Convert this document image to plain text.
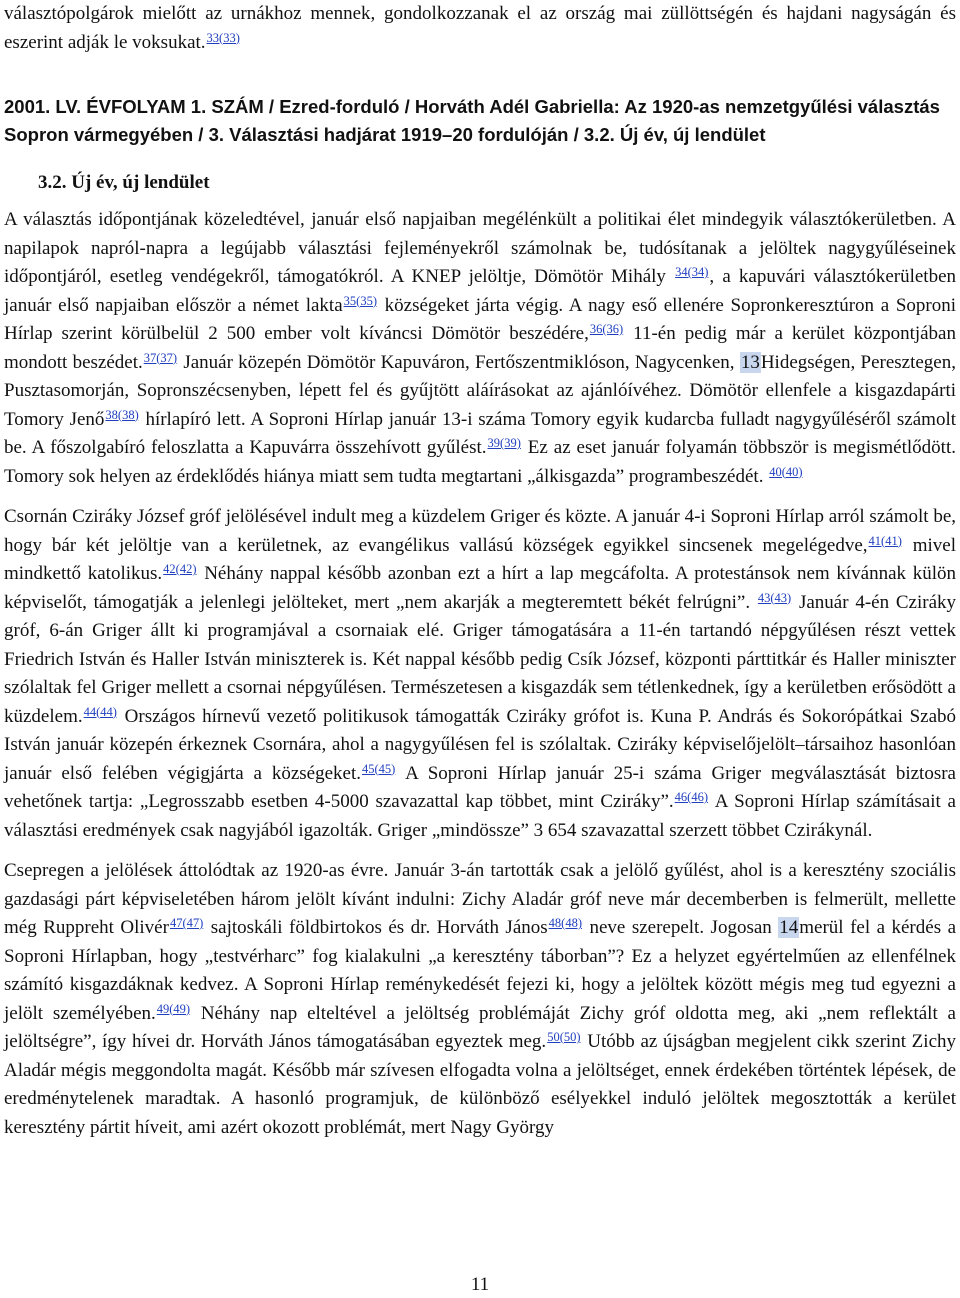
választópolgárok mielőtt az urnákhoz mennek, gondolkozzanak el az ország mai züllöttségén és hajdani nagyságán és eszerint adják le voksukat.$^{33(33)}$

2001. LV. ÉVFOLYAM 1. SZÁM / Ezred-forduló / Horváth Adél Gabriella: Az 1920-as nemzetgyűlési választás Sopron vármegyében / 3. Választási hadjárat 1919–20 fordulóján / 3.2. Új év, új lendület
3.2. Új év, új lendület

A választás időpontjának közeledtével, január első napjaiban megélénkült a politikai élet mindegyik választókerületben. A napilapok napról-napra a legújabb választási fejleményekről számolnak be, tudósítanak a jelöltek nagygyűléseinek időpontjáról, esetleg vendégekről, támogatókról. A KNEP jelöltje, Dömötör Mihály $^{34(34)}$, a kapuvári választókerületben január első napjaiban először a német lakta$^{35(35)}$ községeket járta végig. A nagy eső ellenére Sopronkeresztúron a Soproni Hírlap szerint körülbelül 2 500 ember volt kíváncsi Dömötör beszédére,$^{36(36)}$ 11-én pedig már a kerület központjában mondott beszédet.$^{37(37)}$ Január közepén Dömötör Kapuváron, Fertőszentmiklóson, Nagycenken, 13Hidegségen, Peresztegen, Pusztasomorján, Sopronszécsenyben, lépett fel és gyűjtött aláírásokat az ajánlóívéhez. Dömötör ellenfele a kisgazdapárti Tomory Jenő$^{38(38)}$ hírlapíró lett. A Soproni Hírlap január 13-i száma Tomory egyik kudarcba fulladt nagygyűléséről számolt be. A főszolgabíró feloszlatta a Kapuvárra összehívott gyűlést.$^{39(39)}$ Ez az eset január folyamán többször is megismétlődött. Tomory sok helyen az érdeklődés hiánya miatt sem tudta megtartani „álkisgazda” programbeszédét. $^{40(40)}$

Csornán Cziráky József gróf jelölésével indult meg a küzdelem Griger és közte. A január 4-i Soproni Hírlap arról számolt be, hogy bár két jelöltje van a kerületnek, az evangélikus vallású községek egyikkel sincsenek megelégedve,$^{41(41)}$ mivel mindkettő katolikus.$^{42(42)}$ Néhány nappal később azonban ezt a hírt a lap megcáfolta. A protestánsok nem kívánnak külön képviselőt, támogatják a jelenlegi jelölteket, mert „nem akarják a megteremtett békét felrúgni”. $^{43(43)}$ Január 4-én Cziráky gróf, 6-án Griger állt ki programjával a csornaiak elé. Griger támogatására a 11-én tartandó népgyűlésen részt vettek Friedrich István és Haller István miniszterek is. Két nappal később pedig Csík József, központi párttitkár és Haller miniszter szólaltak fel Griger mellett a csornai népgyűlésen. Természetesen a kisgazdák sem tétlenkednek, így a kerületben erősödött a küzdelem.$^{44(44)}$ Országos hírnevű vezető politikusok támogatták Cziráky grófot is. Kuna P. András és Sokorópátkai Szabó István január közepén érkeznek Csornára, ahol a nagygyűlésen fel is szólaltak. Cziráky képviselőjelölt–társaihoz hasonlóan január első felében végigjárta a községeket.$^{45(45)}$ A Soproni Hírlap január 25-i száma Griger megválasztását biztosra vehetőnek tartja: „Legrosszabb esetben 4-5000 szavazattal kap többet, mint Cziráky”.$^{46(46)}$ A Soproni Hírlap számításait a választási eredmények csak nagyjából igazolták. Griger „mindössze” 3 654 szavazattal szerzett többet Czirákynál.

Csepregen a jelölések áttolódtak az 1920-as évre. Január 3-án tartották csak a jelölő gyűlést, ahol is a keresztény szociális gazdasági párt képviseletében három jelölt kívánt indulni: Zichy Aladár gróf neve már decemberben is felmerült, mellette még Ruppreht Olivér$^{47(47)}$ sajtoskáli földbirtokos és dr. Horváth János$^{48(48)}$ neve szerepelt. Jogosan 14merül fel a kérdés a Soproni Hírlapban, hogy „testvérharc” fog kialakulni „a keresztény táborban”? Ez a helyzet egyértelműen az ellenfélnek számító kisgazdáknak kedvez. A Soproni Hírlap reménykedését fejezi ki, hogy a jelöltek között mégis meg tud egyezni a jelölt személyében.$^{49(49)}$ Néhány nap elteltével a jelöltség problémáját Zichy gróf oldotta meg, aki „nem reflektált a jelöltségre”, így hívei dr. Horváth János támogatásában egyeztek meg.$^{50(50)}$ Utóbb az újságban megjelent cikk szerint Zichy Aladár mégis meggondolta magát. Később már szívesen elfogadta volna a jelöltséget, ennek érdekében történtek lépések, de eredménytelenek maradtak. A hasonló programjuk, de különböző esélyekkel induló jelöltek megosztották a kerület keresztény pártit híveit, ami azért okozott problémát, mert Nagy György

11
